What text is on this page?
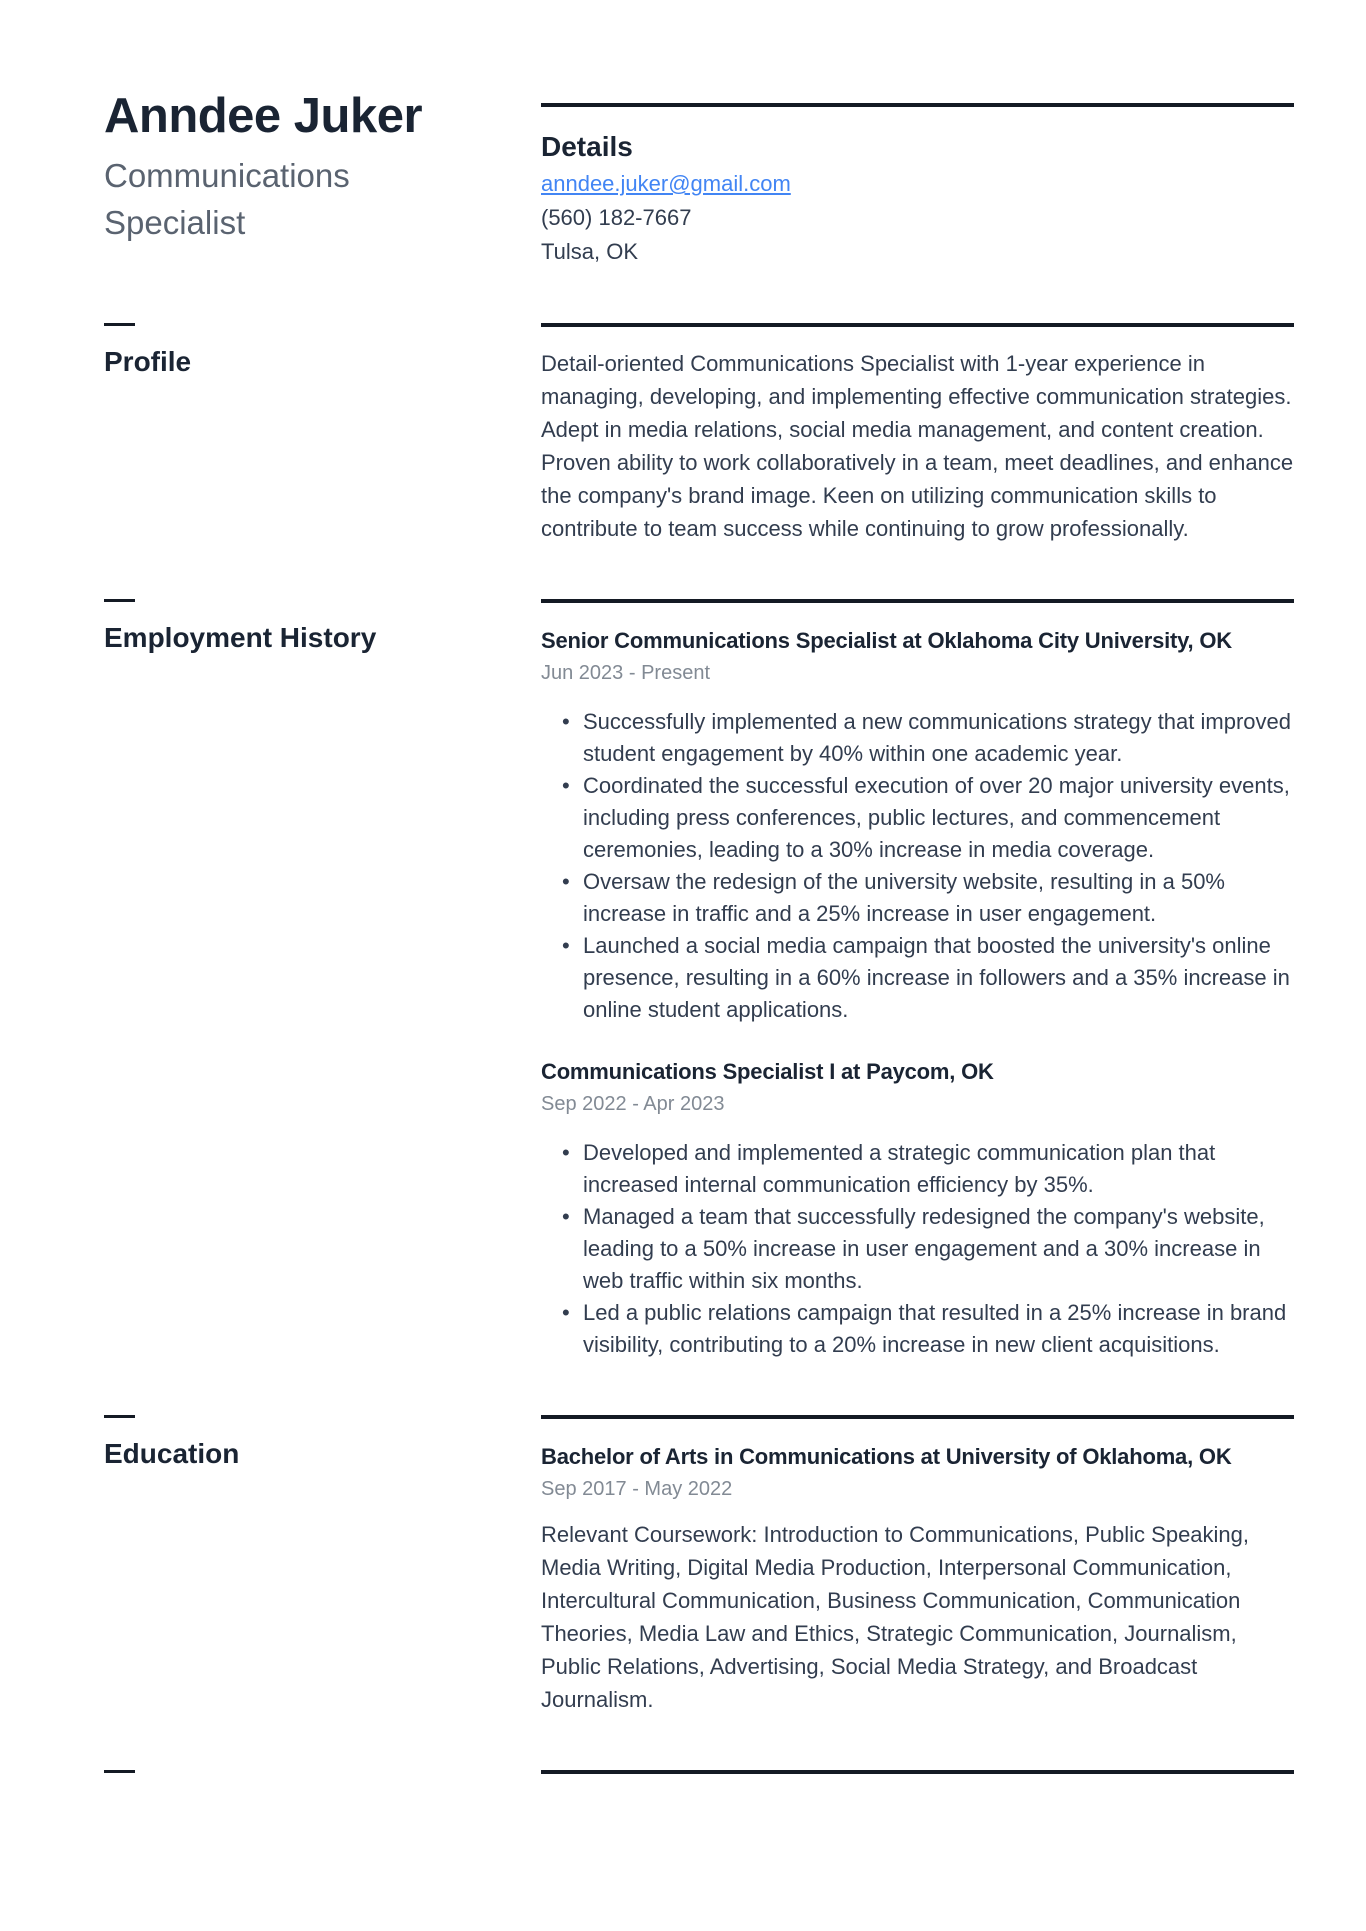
Anndee Juker
Communications Specialist
Details
anndee.juker@gmail.com
(560) 182-7667
Tulsa, OK
Profile	Detail-oriented Communications Specialist with 1-year experience in managing, developing, and implementing effective communication strategies. Adept in media relations, social media management, and content creation. Proven ability to work collaboratively in a team, meet deadlines, and enhance the company's brand image. Keen on utilizing communication skills to contribute to team success while continuing to grow professionally.

Employment History	Senior Communications Specialist at Oklahoma City University, OK
Jun 2023 - Present
• Successfully implemented a new communications strategy that improved student engagement by 40% within one academic year.
• Coordinated the successful execution of over 20 major university events, including press conferences, public lectures, and commencement ceremonies, leading to a 30% increase in media coverage.
• Oversaw the redesign of the university website, resulting in a 50% increase in traffic and a 25% increase in user engagement.
• Launched a social media campaign that boosted the university's online presence, resulting in a 60% increase in followers and a 35% increase in online student applications.
Communications Specialist I at Paycom, OK
Sep 2022 - Apr 2023
• Developed and implemented a strategic communication plan that increased internal communication efficiency by 35%.
• Managed a team that successfully redesigned the company's website, leading to a 50% increase in user engagement and a 30% increase in web traffic within six months.
• Led a public relations campaign that resulted in a 25% increase in brand visibility, contributing to a 20% increase in new client acquisitions.
Education	Bachelor of Arts in Communications at University of Oklahoma, OK
Sep 2017 - May 2022

Relevant Coursework: Introduction to Communications, Public Speaking, Media Writing, Digital Media Production, Interpersonal Communication, Intercultural Communication, Business Communication, Communication Theories, Media Law and Ethics, Strategic Communication, Journalism, Public Relations, Advertising, Social Media Strategy, and Broadcast Journalism.
